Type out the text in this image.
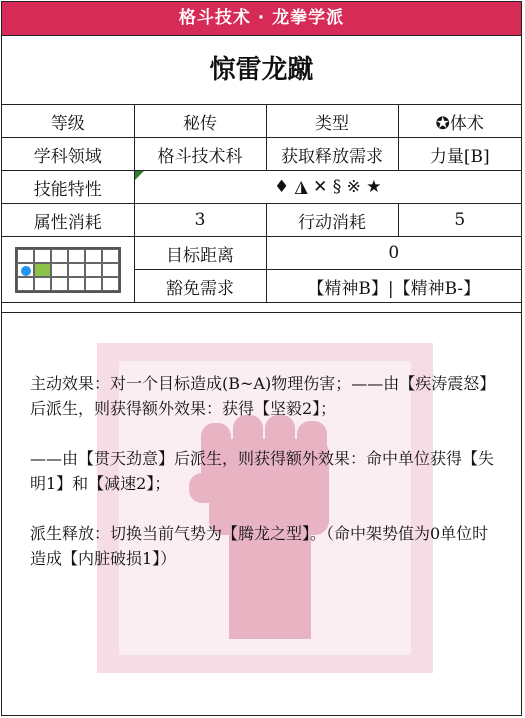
格斗技术 · 龙拳学派
惊雷龙蹴
等级	秘传	类型	✪体术
学科领域	格斗技术科	获取释放需求	力量[B]
技能特性	♦ ◮ ✕ § ※ ★		
属性消耗	3	行动消耗	5

	目标距离	0	
	豁免需求	【精神B】|【精神B-】	

主动效果：对一个目标造成(B~A)物理伤害；——由【疾涛震怒】后派生，则获得额外效果：获得【坚毅2】；

——由【贯天劲意】后派生，则获得额外效果：命中单位获得【失明1】和【减速2】；

派生释放：切换当前气势为【腾龙之型】。（命中架势值为0单位时造成【内脏破损1】）
